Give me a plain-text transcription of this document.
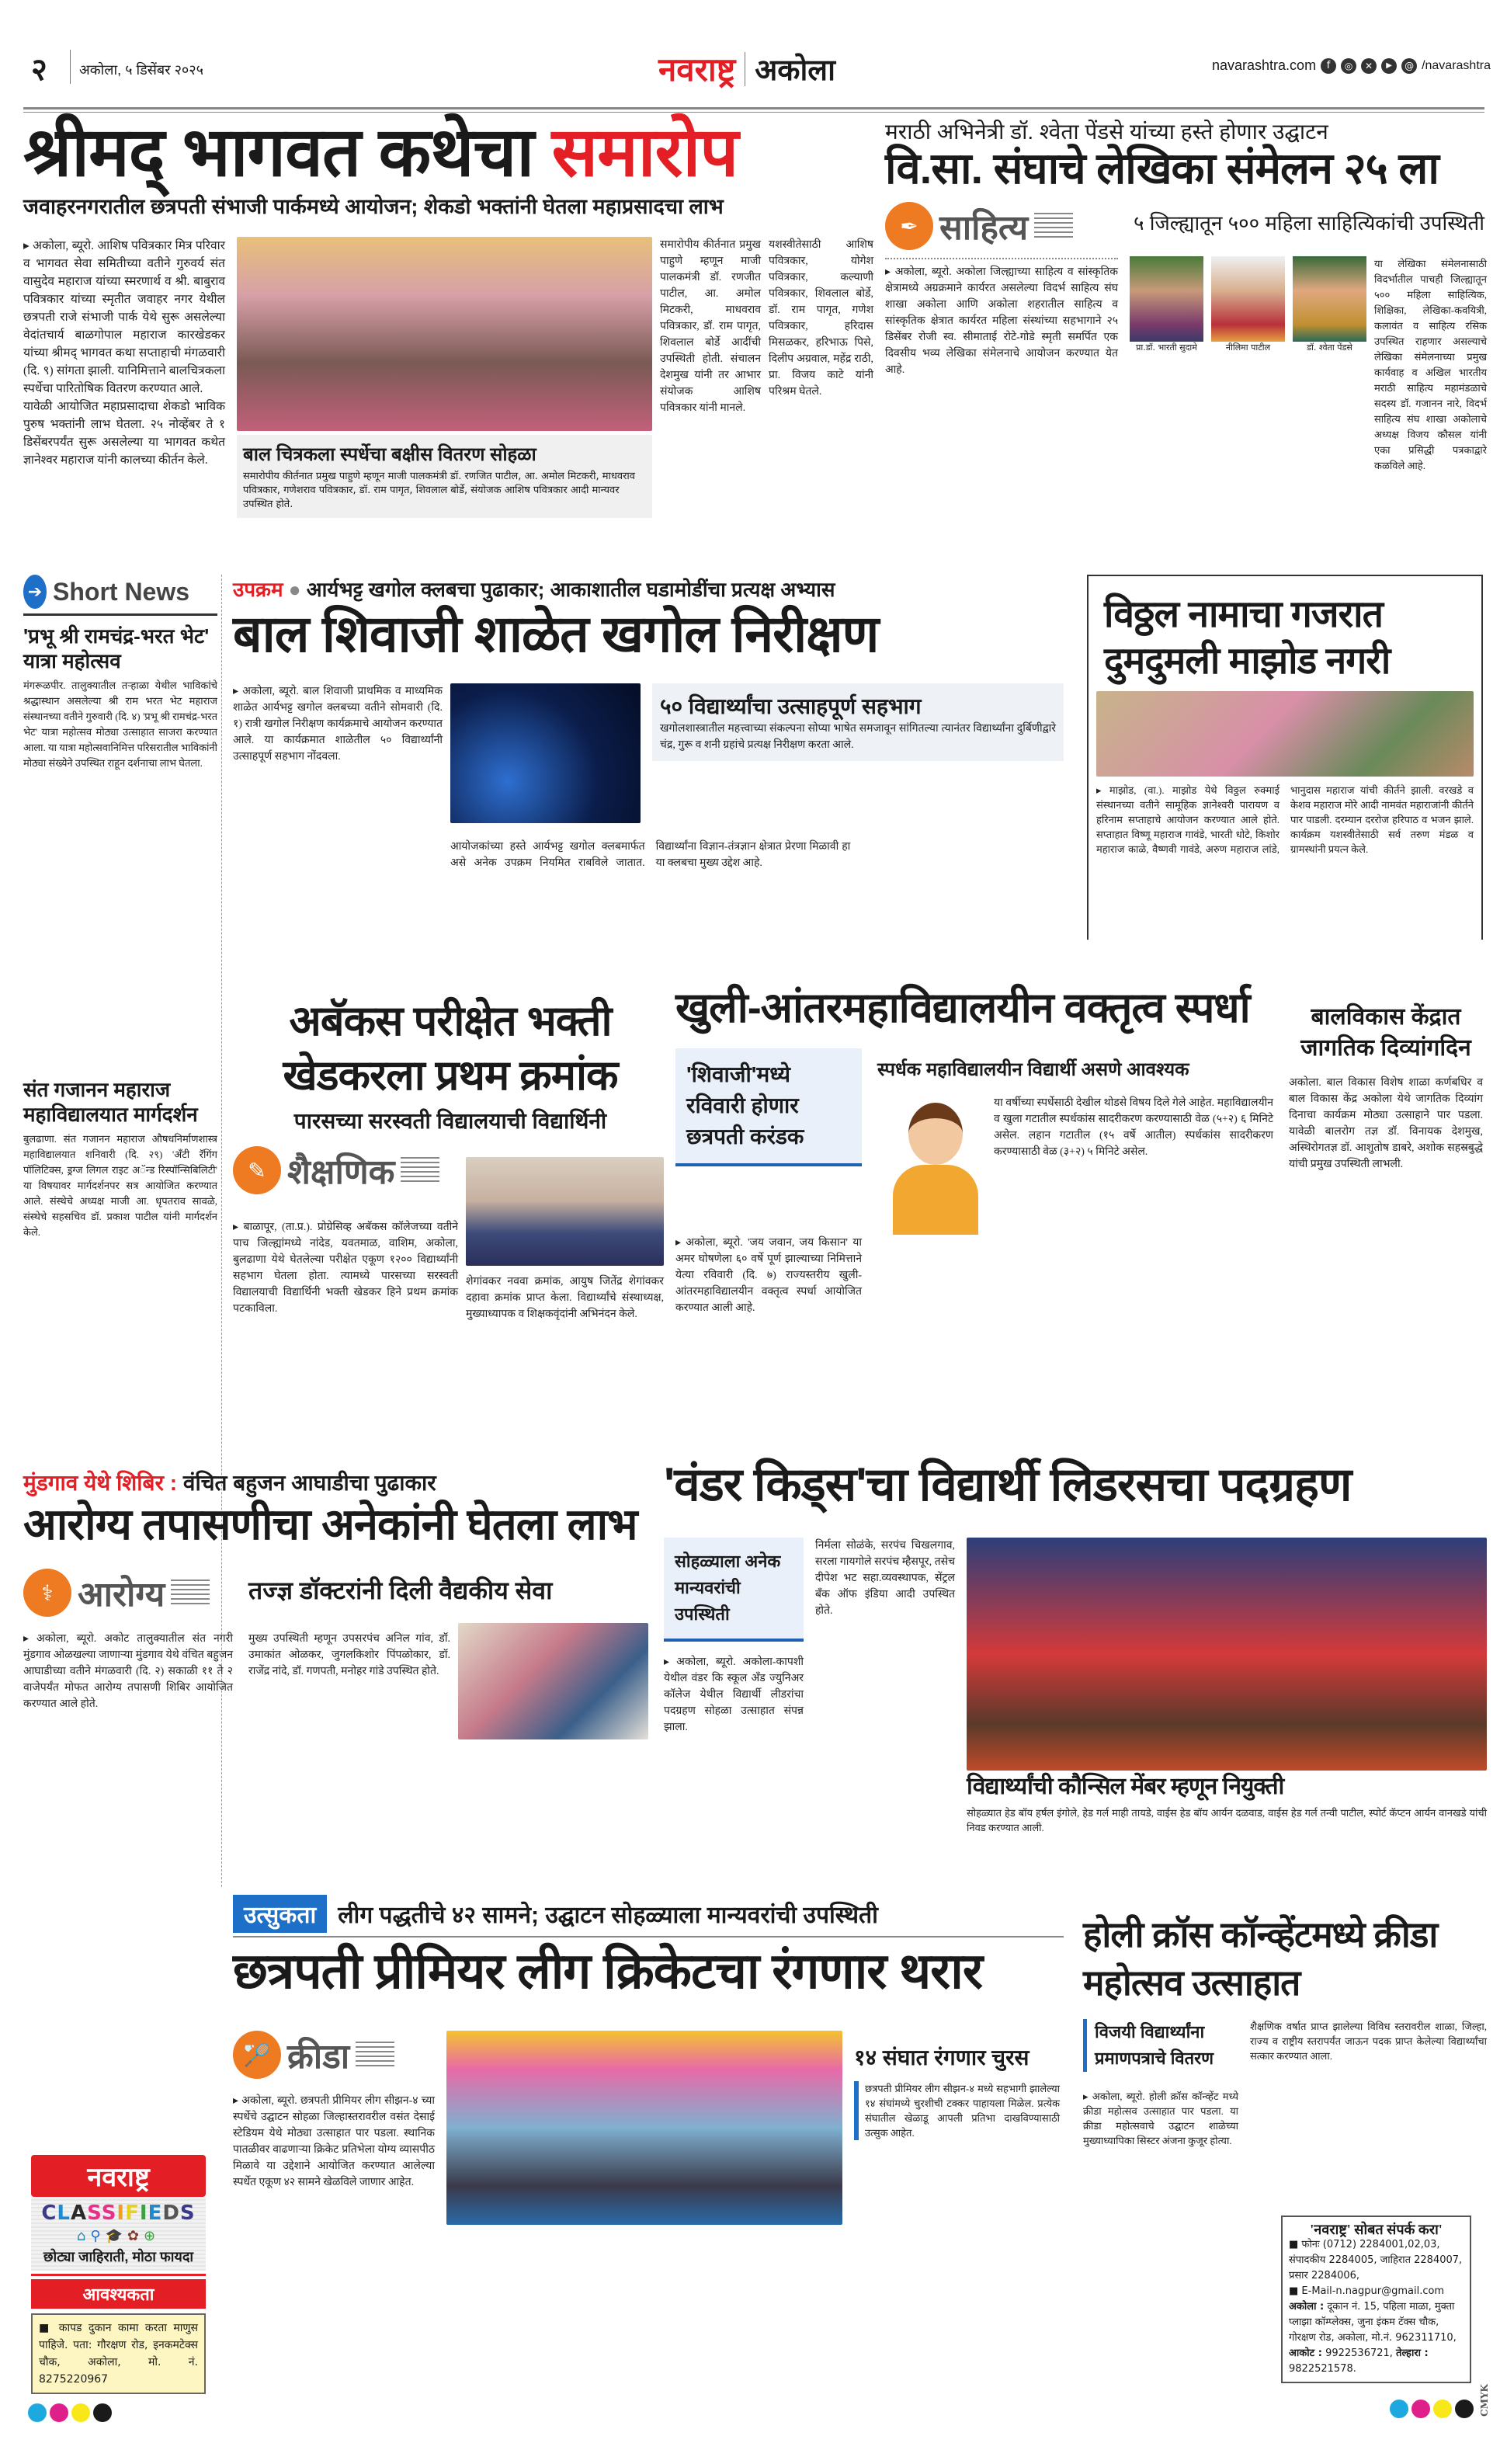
२ अकोला, ५ डिसेंबर २०२५	नवराष्ट्र अकोला	navarashtra.com	f	◎	✕	▶	@ /navarashtra
श्रीमद् भागवत कथेचा समारोप
जवाहरनगरातील छत्रपती संभाजी पार्कमध्ये आयोजन; शेकडो भक्तांनी घेतला महाप्रसादचा लाभ
▸ अकोला, ब्यूरो. आशिष पवित्रकार मित्र परिवार व भागवत सेवा समितीच्या वतीने गुरुवर्य संत वासुदेव महाराज यांच्या स्मरणार्थ व श्री. बाबुराव पवित्रकार यांच्या स्मृतीत जवाहर नगर येथील छत्रपती राजे संभाजी पार्क येथे सुरू असलेल्या वेदांतचार्य बाळगोपाल महाराज कारखेडकर यांच्या श्रीमद् भागवत कथा सप्ताहाची मंगळवारी (दि. ९) सांगता झाली. यानिमित्ताने बालचित्रकला स्पर्धेचा पारितोषिक वितरण करण्यात आले.
यावेळी आयोजित महाप्रसादाचा शेकडो भाविक पुरुष भक्तांनी लाभ घेतला. २५ नोव्हेंबर ते १ डिसेंबरपर्यंत सुरू असलेल्या या भागवत कथेत ज्ञानेश्वर महाराज यांनी कालच्या कीर्तन केले.	बाल चित्रकला स्पर्धेचा बक्षीस वितरण सोहळा
समारोपीय कीर्तनात प्रमुख पाहुणे म्हणून माजी पालकमंत्री डॉ. रणजित पाटील, आ. अमोल मिटकरी, माधवराव पवित्रकार, गणेशराव पवित्रकार, डॉ. राम पागृत, शिवलाल बोर्डे, संयोजक आशिष पवित्रकार आदी मान्यवर उपस्थित होते.
समारोपीय कीर्तनात प्रमुख पाहुणे म्हणून माजी पालकमंत्री डॉ. रणजीत पाटील, आ. अमोल मिटकरी, माधवराव पवित्रकार, डॉ. राम पागृत, शिवलाल बोर्डे आदींची उपस्थिती होती. संचालन देशमुख यांनी तर आभार संयोजक आशिष पवित्रकार यांनी मानले.
यशस्वीतेसाठी आशिष पवित्रकार, योगेश पवित्रकार, कल्याणी पवित्रकार, शिवलाल बोर्डे, डॉ. राम पागृत, गणेश पवित्रकार, हरिदास मिसळकर, हरिभाऊ पिसे, दिलीप अग्रवाल, महेंद्र राठी, प्रा. विजय काटे यांनी परिश्रम घेतले.
मराठी अभिनेत्री डॉ. श्वेता पेंडसे यांच्या हस्ते होणार उद्घाटन
वि.सा. संघाचे लेखिका संमेलन २५ ला
✒ साहित्य	५ जिल्ह्यातून ५०० महिला साहित्यिकांची उपस्थिती
▸ अकोला, ब्यूरो. अकोला जिल्ह्याच्या साहित्य व सांस्कृतिक क्षेत्रामध्ये अग्रक्रमाने कार्यरत असलेल्या विदर्भ साहित्य संघ शाखा अकोला आणि अकोला शहरातील साहित्य व सांस्कृतिक क्षेत्रात कार्यरत महिला संस्थांच्या सहभागाने २५ डिसेंबर रोजी स्व. सीमाताई रोटे-गोडे स्मृती समर्पित एक दिवसीय भव्य लेखिका संमेलनाचे आयोजन करण्यात येत आहे.
प्रा.डॉ. भारती सुदामे	नीलिमा पाटील	डॉ. श्वेता पेंडसे
या लेखिका संमेलनासाठी विदर्भातील पाचही जिल्ह्यातून ५०० महिला साहित्यिक, शिक्षिका, लेखिका-कवयित्री, कलावंत व साहित्य रसिक उपस्थित राहणार असल्याचे लेखिका संमेलनाच्या प्रमुख कार्यवाह व अखिल भारतीय मराठी साहित्य महामंडळाचे सदस्य डॉ. गजानन नारे, विदर्भ साहित्य संघ शाखा अकोलाचे अध्यक्ष विजय कौसल यांनी एका प्रसिद्धी पत्रकाद्वारे कळविले आहे.
➔ Short News
'प्रभू श्री रामचंद्र-भरत भेट' यात्रा महोत्सव
मंगरूळपीर. तालुक्यातील तऱ्हाळा येथील भाविकांचे श्रद्धास्थान असलेल्या श्री राम भरत भेट महाराज संस्थानच्या वतीने गुरुवारी (दि. ४) 'प्रभू श्री रामचंद्र-भरत भेट' यात्रा महोत्सव मोठ्या उत्साहात साजरा करण्यात आला. या यात्रा महोत्सवानिमित्त परिसरातील भाविकांनी मोठ्या संख्येने उपस्थित राहून दर्शनाचा लाभ घेतला.
संत गजानन महाराज महाविद्यालयात मार्गदर्शन
बुलढाणा. संत गजानन महाराज औषधनिर्माणशास्त्र महाविद्यालयात शनिवारी (दि. २९) 'अँटी रॅगिंग पॉलिटिक्स, ड्रग्ज लिगल राइट अॅन्ड रिस्पॉन्सिबिलिटी' या विषयावर मार्गदर्शनपर सत्र आयोजित करण्यात आले. संस्थेचे अध्यक्ष माजी आ. धृपतराव सावळे, संस्थेचे सहसचिव डॉ. प्रकाश पाटील यांनी मार्गदर्शन केले.
उपक्रम ● आर्यभट्ट खगोल क्लबचा पुढाकार; आकाशातील घडामोडींचा प्रत्यक्ष अभ्यास
बाल शिवाजी शाळेत खगोल निरीक्षण
▸ अकोला, ब्यूरो. बाल शिवाजी प्राथमिक व माध्यमिक शाळेत आर्यभट्ट खगोल क्लबच्या वतीने सोमवारी (दि. १) रात्री खगोल निरीक्षण कार्यक्रमाचे आयोजन करण्यात आले. या कार्यक्रमात शाळेतील ५० विद्यार्थ्यांनी उत्साहपूर्ण सहभाग नोंदवला.
५० विद्यार्थ्यांचा उत्साहपूर्ण सहभाग
खगोलशास्त्रातील महत्त्वाच्या संकल्पना सोप्या भाषेत समजावून सांगितल्या त्यानंतर विद्यार्थ्यांना दुर्बिणीद्वारे चंद्र, गुरू व शनी ग्रहांचे प्रत्यक्ष निरीक्षण करता आले.
आयोजकांच्या हस्ते आर्यभट्ट खगोल क्लबमार्फत असे अनेक उपक्रम नियमित राबविले जातात. विद्यार्थ्यांना विज्ञान-तंत्रज्ञान क्षेत्रात प्रेरणा मिळावी हा या क्लबचा मुख्य उद्देश आहे.
विठ्ठल नामाचा गजरात दुमदुमली माझोड नगरी
▸ माझोड, (वा.). माझोड येथे विठ्ठल रुक्माई संस्थानच्या वतीने सामूहिक ज्ञानेश्वरी पारायण व हरिनाम सप्ताहाचे आयोजन करण्यात आले होते. सप्ताहात विष्णू महाराज गावंडे, भारती धोटे, किशोर महाराज काळे, वैष्णवी गावंडे, अरुण महाराज लांडे, भानुदास महाराज यांची कीर्तने झाली. वरखडे व केशव महाराज मोरे आदी नामवंत महाराजांनी कीर्तने पार पाडली. दरम्यान दररोज हरिपाठ व भजन झाले. कार्यक्रम यशस्वीतेसाठी सर्व तरुण मंडळ व ग्रामस्थांनी प्रयत्न केले.
अबॅकस परीक्षेत भक्ती खेडकरला प्रथम क्रमांक
पारसच्या सरस्वती विद्यालयाची विद्यार्थिनी
✎ शैक्षणिक
▸ बाळापूर, (ता.प्र.). प्रोग्रेसिव्ह अबॅकस कॉलेजच्या वतीने पाच जिल्ह्यांमध्ये नांदेड, यवतमाळ, वाशिम, अकोला, बुलढाणा येथे घेतलेल्या परीक्षेत एकूण १२०० विद्यार्थ्यांनी सहभाग घेतला होता. त्यामध्ये पारसच्या सरस्वती विद्यालयाची विद्यार्थिनी भक्ती खेडकर हिने प्रथम क्रमांक पटकाविला.
शेगांवकर नववा क्रमांक, आयुष जितेंद्र शेगांवकर दहावा क्रमांक प्राप्त केला. विद्यार्थ्यांचे संस्थाध्यक्ष, मुख्याध्यापक व शिक्षकवृंदांनी अभिनंदन केले.
खुली-आंतरमहाविद्यालयीन वक्तृत्व स्पर्धा
'शिवाजी'मध्ये रविवारी होणार छत्रपती करंडक
▸ अकोला, ब्यूरो. 'जय जवान, जय किसान' या अमर घोषणेला ६० वर्षे पूर्ण झाल्याच्या निमित्ताने येत्या रविवारी (दि. ७) राज्यस्तरीय खुली-आंतरमहाविद्यालयीन वक्तृत्व स्पर्धा आयोजित करण्यात आली आहे.
स्पर्धक महाविद्यालयीन विद्यार्थी असणे आवश्यक
या वर्षीच्या स्पर्धेसाठी देखील थोडसे विषय दिले गेले आहेत. महाविद्यालयीन व खुला गटातील स्पर्धकांस सादरीकरण करण्यासाठी वेळ (५+२) ६ मिनिटे असेल. लहान गटातील (१५ वर्षे आतील) स्पर्धकांस सादरीकरण करण्यासाठी वेळ (३+२) ५ मिनिटे असेल.
बालविकास केंद्रात जागतिक दिव्यांगदिन
अकोला. बाल विकास विशेष शाळा कर्णबधिर व बाल विकास केंद्र अकोला येथे जागतिक दिव्यांग दिनाचा कार्यक्रम मोठ्या उत्साहाने पार पडला. यावेळी बालरोग तज्ञ डॉ. विनायक देशमुख, अस्थिरोगतज्ञ डॉ. आशुतोष डाबरे, अशोक सहस्रबुद्धे यांची प्रमुख उपस्थिती लाभली.
मुंडगाव येथे शिबिर : वंचित बहुजन आघाडीचा पुढाकार
आरोग्य तपासणीचा अनेकांनी घेतला लाभ
⚕ आरोग्य	तज्ज्ञ डॉक्टरांनी दिली वैद्यकीय सेवा
▸ अकोला, ब्यूरो. अकोट तालुक्यातील संत नगरी मुंडगाव ओळखल्या जाणाऱ्या मुंडगाव येथे वंचित बहुजन आघाडीच्या वतीने मंगळवारी (दि. २) सकाळी ११ ते २ वाजेपर्यंत मोफत आरोग्य तपासणी शिबिर आयोजित करण्यात आले होते.
मुख्य उपस्थिती म्हणून उपसरपंच अनिल गांव, डॉ. उमाकांत ओळकर, जुगलकिशोर पिंपळोकार, डॉ. राजेंद्र नांदे, डॉ. गणपती, मनोहर गांडे उपस्थित होते.
'वंडर किड्स'चा विद्यार्थी लिडरसचा पदग्रहण
सोहळ्याला अनेक मान्यवरांची उपस्थिती
▸ अकोला, ब्यूरो. अकोला-कापशी येथील वंडर कि स्कूल ॲंड ज्युनिअर कॉलेज येथील विद्यार्थी लीडरांचा पदग्रहण सोहळा उत्साहात संपन्न झाला.
निर्मला सोळंके, सरपंच चिखलगाव, सरला गायगोले सरपंच म्हैसपूर, तसेच दीपेश भट सहा.व्यवस्थापक, सेंट्रल बँक ऑफ इंडिया आदी उपस्थित होते.
विद्यार्थ्यांची कौन्सिल मेंबर म्हणून नियुक्ती
सोहळ्यात हेड बॉय हर्षल इंगोले, हेड गर्ल माही तायडे, वाईस हेड बॉय आर्यन दळवाड, वाईस हेड गर्ल तन्वी पाटील, स्पोर्ट कॅप्टन आर्यन वानखडे यांची निवड करण्यात आली.
उत्सुकता लीग पद्धतीचे ४२ सामने; उद्घाटन सोहळ्याला मान्यवरांची उपस्थिती
छत्रपती प्रीमियर लीग क्रिकेटचा रंगणार थरार
🏸 क्रीडा
▸ अकोला, ब्यूरो. छत्रपती प्रीमियर लीग सीझन-४ च्या स्पर्धेचे उद्घाटन सोहळा जिल्हास्तरावरील वसंत देसाई स्टेडियम येथे मोठ्या उत्साहात पार पडला. स्थानिक पातळीवर वाढणाऱ्या क्रिकेट प्रतिभेला योग्य व्यासपीठ मिळावे या उद्देशाने आयोजित करण्यात आलेल्या स्पर्धेत एकूण ४२ सामने खेळविले जाणार आहेत.
१४ संघात रंगणार चुरस
छत्रपती प्रीमियर लीग सीझन-४ मध्ये सहभागी झालेल्या १४ संघांमध्ये चुरशीची टक्कर पाहायला मिळेल. प्रत्येक संघातील खेळाडू आपली प्रतिभा दाखविण्यासाठी उत्सुक आहेत.
होली क्रॉस कॉन्व्हेंटमध्ये क्रीडा महोत्सव उत्साहात
विजयी विद्यार्थ्यांना प्रमाणपत्राचे वितरण
▸ अकोला, ब्यूरो. होली क्रॉस कॉन्व्हेंट मध्ये क्रीडा महोत्सव उत्साहात पार पडला. या क्रीडा महोत्सवाचे उद्घाटन शाळेच्या मुख्याध्यापिका सिस्टर अंजना कुजूर होत्या.
शैक्षणिक वर्षात प्राप्त झालेल्या विविध स्तरावरील शाळा, जिल्हा, राज्य व राष्ट्रीय स्तरापर्यंत जाऊन पदक प्राप्त केलेल्या विद्यार्थ्यांचा सत्कार करण्यात आला.
नवराष्ट्र
CLASSIFIEDS
⌂⚲🎓✿⊕
छोट्या जाहिराती, मोठा फायदा
आवश्यकता
■ कापड दुकान कामा करता माणुस पाहिजे. पता: गौरक्षण रोड, इनकमटेक्स चौक, अकोला, मो. नं. 8275220967
'नवराष्ट्र' सोबत संपर्क करा'
■ फोनः (0712) 2284001,02,03, संपादकीय 2284005, जाहिरात 2284007, प्रसार 2284006,
■ E-Mail-n.nagpur@gmail.com
अकोला : दूकान नं. 15, पहिला माळा, मुक्ता प्लाझा कॉम्प्लेक्स, जुना इंकम टॅक्स चौक, गोरक्षण रोड, अकोला, मो.नं. 962311710, आकोट : 9922536721, तेल्हारा : 9822521578.
CMYK
